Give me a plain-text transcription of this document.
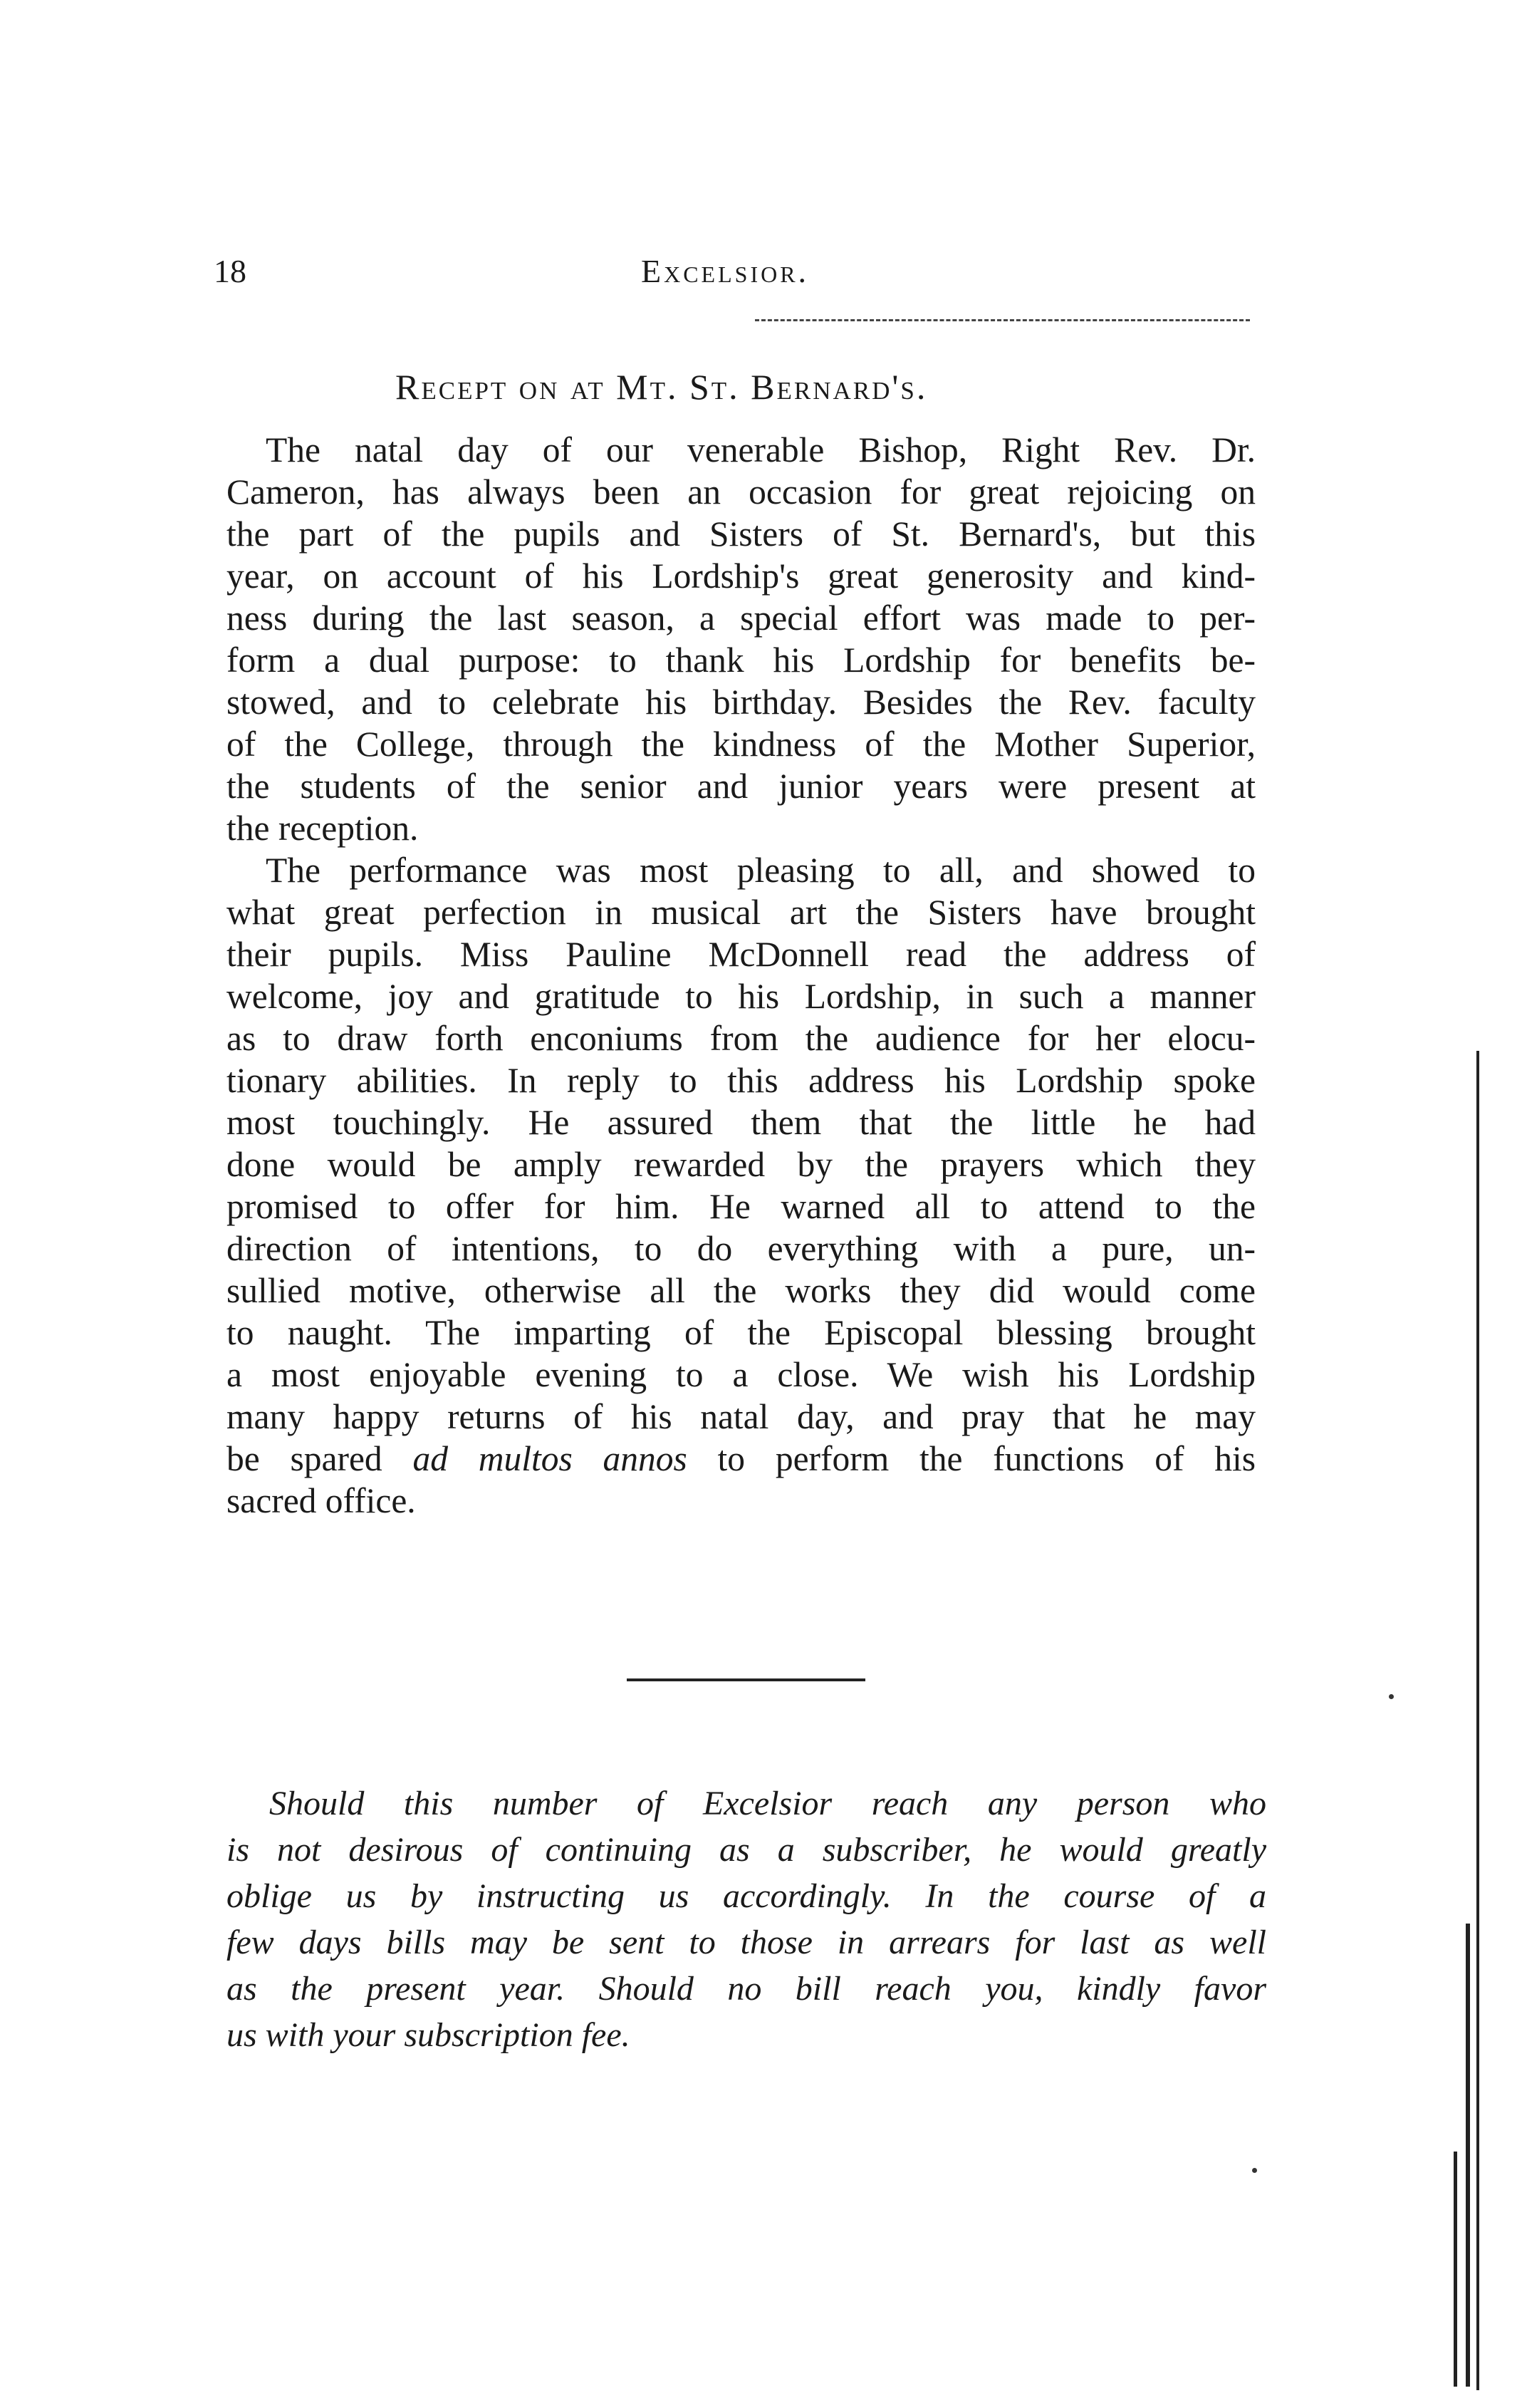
18	Excelsior.
Recept on at Mt. St. Bernard's.
The natal day of our venerable Bishop, Right Rev. Dr.
Cameron, has always been an occasion for great rejoicing on
the part of the pupils and Sisters of St. Bernard's, but this
year, on account of his Lordship's great generosity and kind-
ness during the last season, a special effort was made to per-
form a dual purpose: to thank his Lordship for benefits be-
stowed, and to celebrate his birthday. Besides the Rev. faculty
of the College, through the kindness of the Mother Superior,
the students of the senior and junior years were present at
the reception.
The performance was most pleasing to all, and showed to
what great perfection in musical art the Sisters have brought
their pupils. Miss Pauline McDonnell read the address of
welcome, joy and gratitude to his Lordship, in such a manner
as to draw forth enconiums from the audience for her elocu-
tionary abilities. In reply to this address his Lordship spoke
most touchingly. He assured them that the little he had
done would be amply rewarded by the prayers which they
promised to offer for him. He warned all to attend to the
direction of intentions, to do everything with a pure, un-
sullied motive, otherwise all the works they did would come
to naught. The imparting of the Episcopal blessing brought
a most enjoyable evening to a close. We wish his Lordship
many happy returns of his natal day, and pray that he may
be spared ad multos annos to perform the functions of his
sacred office.
Should this number of Excelsior reach any person who
is not desirous of continuing as a subscriber, he would greatly
oblige us by instructing us accordingly. In the course of a
few days bills may be sent to those in arrears for last as well
as the present year. Should no bill reach you, kindly favor
us with your subscription fee.
